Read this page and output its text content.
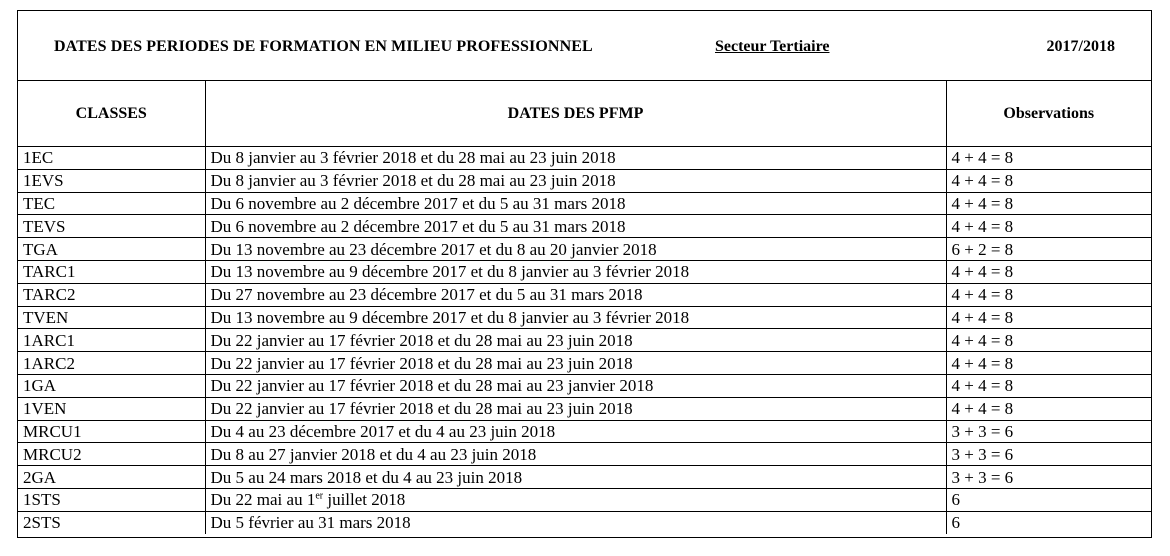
DATES DES PERIODES DE FORMATION EN MILIEU PROFESSIONNEL	Secteur Tertiaire	2017/2018
CLASSES	DATES DES PFMP	Observations
1EC	Du 8 janvier au 3 février 2018 et du 28 mai au 23 juin 2018	4 + 4 = 8
1EVS	Du 8 janvier au 3 février 2018 et du 28 mai au 23 juin 2018	4 + 4 = 8
TEC	Du 6 novembre au 2 décembre 2017 et du 5 au 31 mars 2018	4 + 4 = 8
TEVS	Du 6 novembre au 2 décembre 2017 et du 5 au 31 mars 2018	4 + 4 = 8
TGA	Du 13 novembre au 23 décembre 2017 et du 8 au 20 janvier 2018	6 + 2 = 8
TARC1	Du 13 novembre au 9 décembre 2017 et du 8 janvier au 3 février 2018	4 + 4 = 8
TARC2	Du 27 novembre au 23 décembre 2017 et du 5 au 31 mars 2018	4 + 4 = 8
TVEN	Du 13 novembre au 9 décembre 2017 et du 8 janvier au 3 février 2018	4 + 4 = 8
1ARC1	Du 22 janvier au 17 février 2018 et du 28 mai au 23 juin 2018	4 + 4 = 8
1ARC2	Du 22 janvier au 17 février 2018 et du 28 mai au 23 juin 2018	4 + 4 = 8
1GA	Du 22 janvier au 17 février 2018 et du 28 mai au 23 janvier 2018	4 + 4 = 8
1VEN	Du 22 janvier au 17 février 2018 et du 28 mai au 23 juin 2018	4 + 4 = 8
MRCU1	Du 4 au 23 décembre 2017 et du 4 au 23 juin 2018	3 + 3 = 6
MRCU2	Du 8 au 27 janvier 2018 et du 4 au 23 juin 2018	3 + 3 = 6
2GA	Du 5 au 24 mars 2018 et du 4 au 23 juin 2018	3 + 3 = 6
1STS	Du 22 mai au 1er juillet 2018	6
2STS	Du 5 février au 31 mars 2018	6
